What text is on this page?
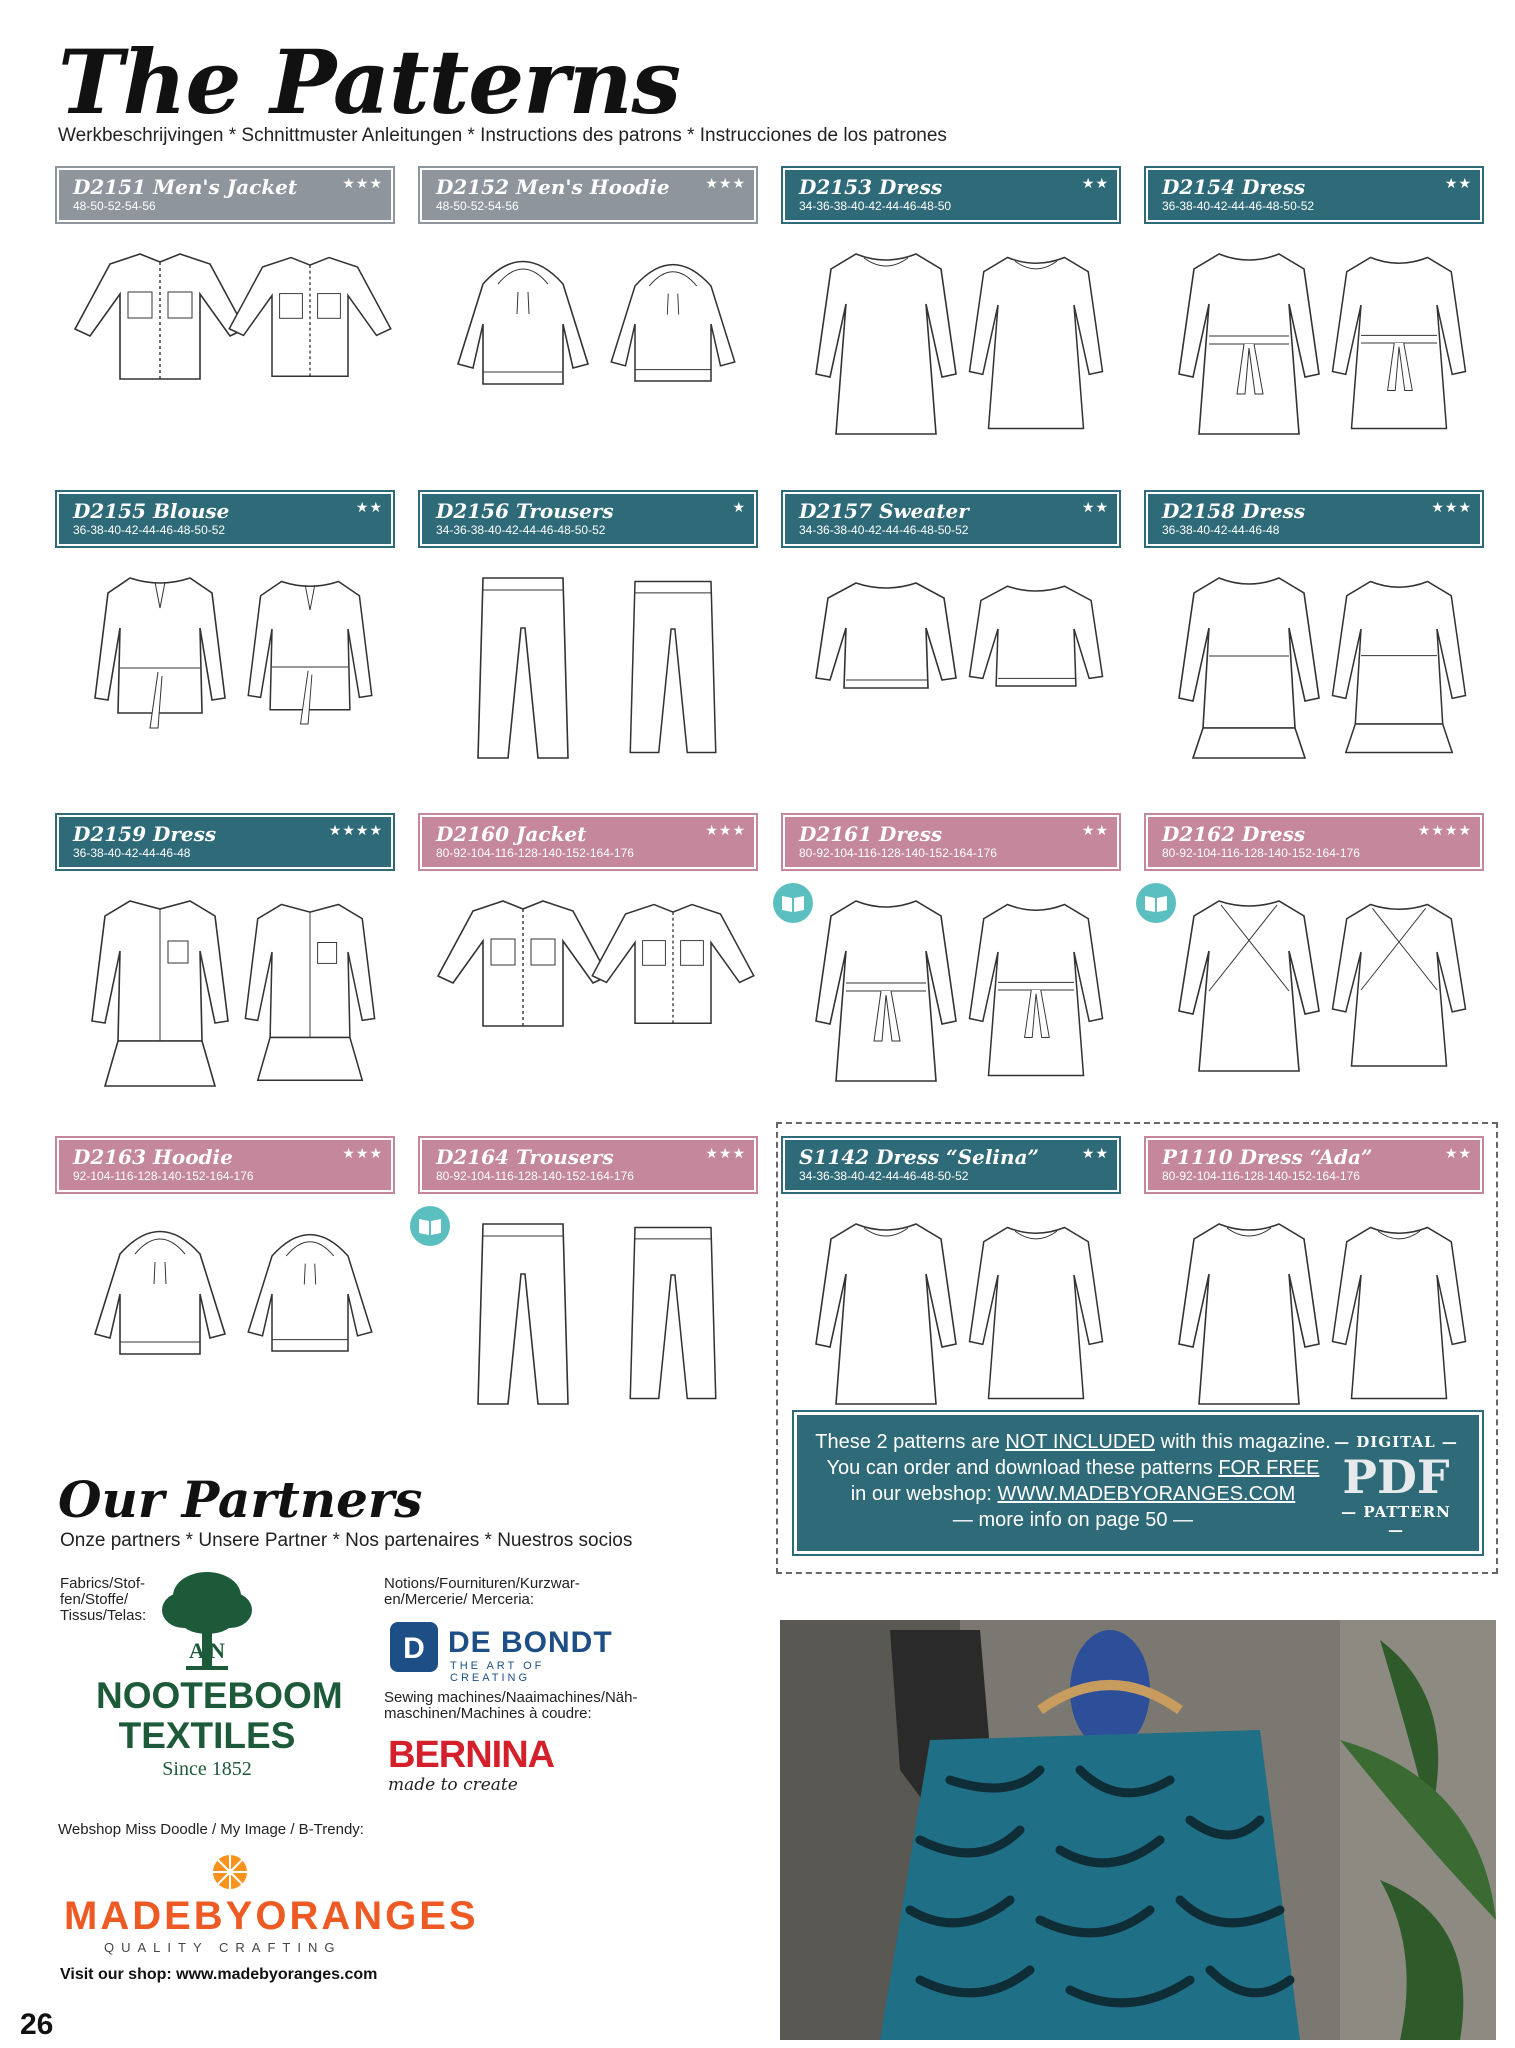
The Patterns
Werkbeschrijvingen * Schnittmuster Anleitungen * Instructions des patrons * Instrucciones de los patrones
D2151 Men's Jacket
48-50-52-54-56
★★★	D2152 Men's Hoodie
48-50-52-54-56
★★★	D2153 Dress
34-36-38-40-42-44-46-48-50
★★	D2154 Dress
36-38-40-42-44-46-48-50-52
★★
D2155 Blouse
36-38-40-42-44-46-48-50-52
★★	D2156 Trousers
34-36-38-40-42-44-46-48-50-52
★	D2157 Sweater
34-36-38-40-42-44-46-48-50-52
★★	D2158 Dress
36-38-40-42-44-46-48
★★★
D2159 Dress
36-38-40-42-44-46-48
★★★★	D2160 Jacket
80-92-104-116-128-140-152-164-176
★★★	D2161 Dress
80-92-104-116-128-140-152-164-176
★★	D2162 Dress
80-92-104-116-128-140-152-164-176
★★★★
D2163 Hoodie
92-104-116-128-140-152-164-176
★★★	D2164 Trousers
80-92-104-116-128-140-152-164-176
★★★	S1142 Dress “Selina”
34-36-38-40-42-44-46-48-50-52
★★	P1110 Dress “Ada”
80-92-104-116-128-140-152-164-176
★★
These 2 patterns are NOT INCLUDED with this magazine.
You can order and download these patterns FOR FREE
in our webshop: WWW.MADEBYORANGES.COM
— more info on page 50 —
— DIGITAL —
PDF
— PATTERN —
Our Partners
Onze partners * Unsere Partner * Nos partenaires * Nuestros socios
Fabrics/Stof-
fen/Stoffe/
Tissus/Telas:
A N
NOOTEBOOM
TEXTILES
Since 1852
Notions/Fournituren/Kurzwar-
en/Mercerie/ Merceria:
D DE BONDT
THE ART OF CREATING
Sewing machines/Naaimachines/Näh-
maschinen/Machines à coudre:
BERNINA
made to create
Webshop Miss Doodle / My Image / B-Trendy:
MADEBYORANGES
QUALITY CRAFTING
Visit our shop: www.madebyoranges.com
26
